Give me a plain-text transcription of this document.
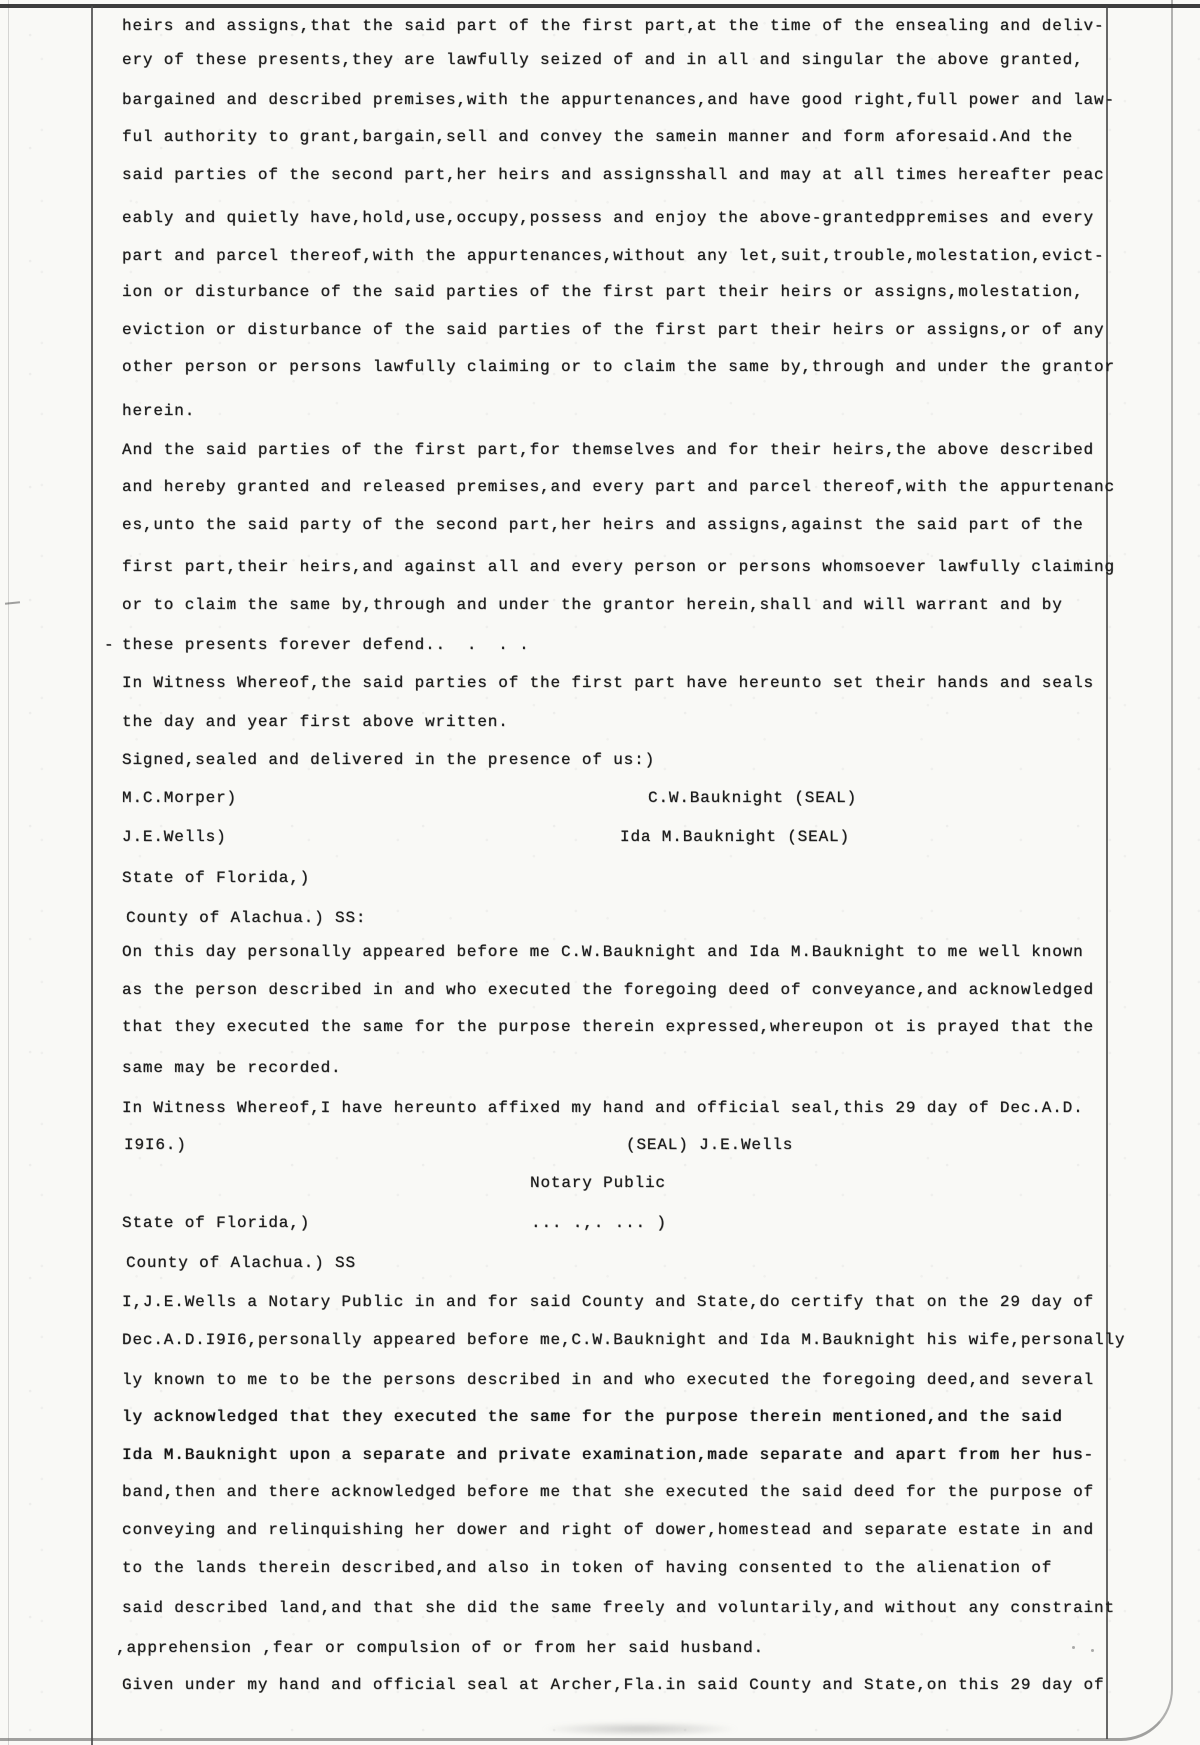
heirs and assigns,that the said part of the first part,at the time of the ensealing and deliv-
ery of these presents,they are lawfully seized of and in all and singular the above granted,
bargained and described premises,with the appurtenances,and have good right,full power and law-
ful authority to grant,bargain,sell and convey the samein manner and form aforesaid.And the
said parties of the second part,her heirs and assignsshall and may at all times hereafter peac
eably and quietly have,hold,use,occupy,possess and enjoy the above-grantedppremises and every
part and parcel thereof,with the appurtenances,without any let,suit,trouble,molestation,evict-
ion or disturbance of the said parties of the first part their heirs or assigns,molestation,
eviction or disturbance of the said parties of the first part their heirs or assigns,or of any
other person or persons lawfully claiming or to claim the same by,through and under the grantor
herein.
And the said parties of the first part,for themselves and for their heirs,the above described
and hereby granted and released premises,and every part and parcel thereof,with the appurtenanc
es,unto the said party of the second part,her heirs and assigns,against the said part of the
first part,their heirs,and against all and every person or persons whomsoever lawfully claiming
or to claim the same by,through and under the grantor herein,shall and will warrant and by
- these presents forever defend..  .  . .
In Witness Whereof,the said parties of the first part have hereunto set their hands and seals
the day and year first above written.
Signed,sealed and delivered in the presence of us:)
M.C.Morper)	C.W.Bauknight (SEAL)
J.E.Wells)	Ida M.Bauknight (SEAL)
State of Florida,)
County of Alachua.) SS:
On this day personally appeared before me C.W.Bauknight and Ida M.Bauknight to me well known
as the person described in and who executed the foregoing deed of conveyance,and acknowledged
that they executed the same for the purpose therein expressed,whereupon ot is prayed that the
same may be recorded.
In Witness Whereof,I have hereunto affixed my hand and official seal,this 29 day of Dec.A.D.
I9I6.)	(SEAL) J.E.Wells
Notary Public
State of Florida,)	... .,. ... )
County of Alachua.) SS
I,J.E.Wells a Notary Public in and for said County and State,do certify that on the 29 day of
Dec.A.D.I9I6,personally appeared before me,C.W.Bauknight and Ida M.Bauknight his wife,personally
ly known to me to be the persons described in and who executed the foregoing deed,and several
ly acknowledged that they executed the same for the purpose therein mentioned,and the said
Ida M.Bauknight upon a separate and private examination,made separate and apart from her hus-
band,then and there acknowledged before me that she executed the said deed for the purpose of
conveying and relinquishing her dower and right of dower,homestead and separate estate in and
to the lands therein described,and also in token of having consented to the alienation of
said described land,and that she did the same freely and voluntarily,and without any constraint
,apprehension ,fear or compulsion of or from her said husband.
Given under my hand and official seal at Archer,Fla.in said County and State,on this 29 day of
